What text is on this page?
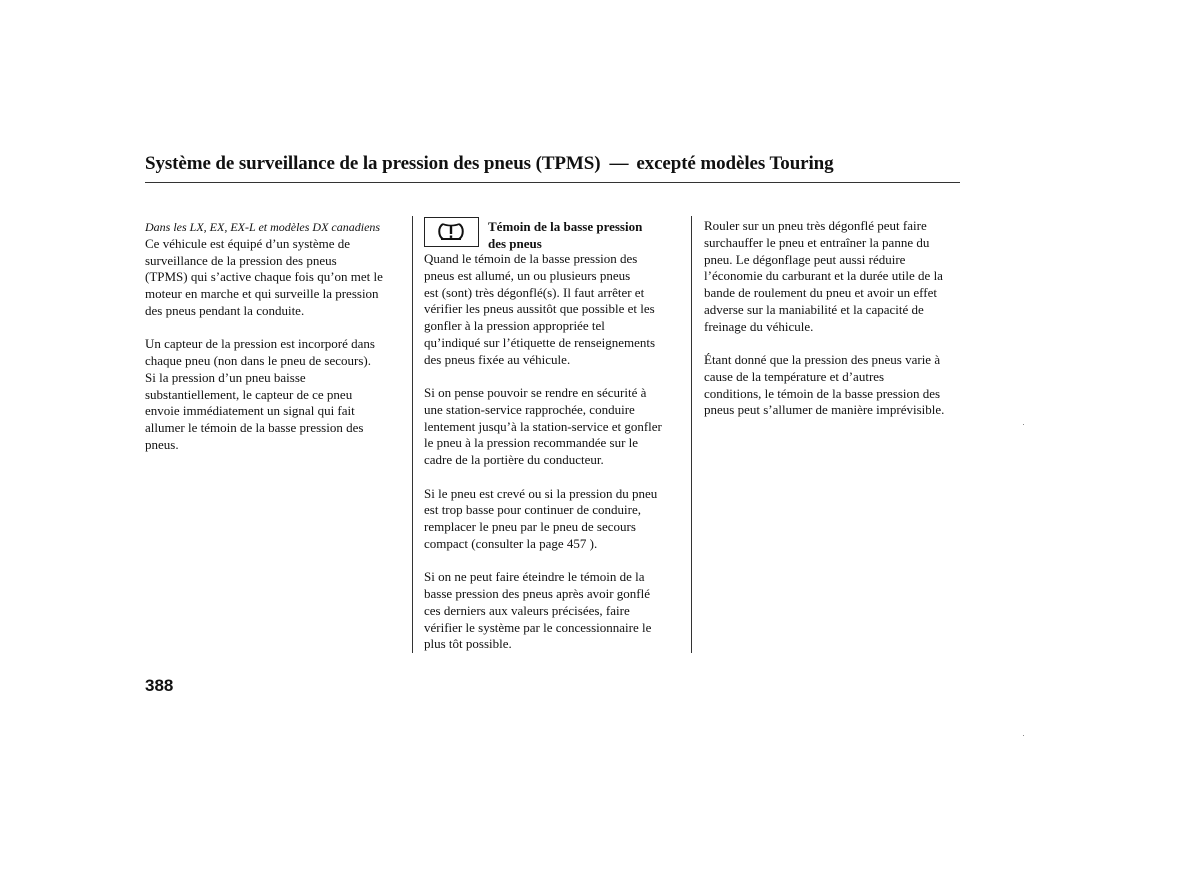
Système de surveillance de la pression des pneus (TPMS) — excepté modèles Touring
Dans les LX, EX, EX-L et modèles DX canadiens

Ce véhicule est équipé d’un système de
surveillance de la pression des pneus
(TPMS) qui s’active chaque fois qu’on met le
moteur en marche et qui surveille la pression
des pneus pendant la conduite.

Un capteur de la pression est incorporé dans
chaque pneu (non dans le pneu de secours).
Si la pression d’un pneu baisse
substantiellement, le capteur de ce pneu
envoie immédiatement un signal qui fait
allumer le témoin de la basse pression des
pneus.

Témoin de la basse pression
des pneus

Quand le témoin de la basse pression des
pneus est allumé, un ou plusieurs pneus
est (sont) très dégonflé(s). Il faut arrêter et
vérifier les pneus aussitôt que possible et les
gonfler à la pression appropriée tel
qu’indiqué sur l’étiquette de renseignements
des pneus fixée au véhicule.

Si on pense pouvoir se rendre en sécurité à
une station-service rapprochée, conduire
lentement jusqu’à la station-service et gonfler
le pneu à la pression recommandée sur le
cadre de la portière du conducteur.

Si le pneu est crevé ou si la pression du pneu
est trop basse pour continuer de conduire,
remplacer le pneu par le pneu de secours
compact (consulter la page 457 ).

Si on ne peut faire éteindre le témoin de la
basse pression des pneus après avoir gonflé
ces derniers aux valeurs précisées, faire
vérifier le système par le concessionnaire le
plus tôt possible.

Rouler sur un pneu très dégonflé peut faire
surchauffer le pneu et entraîner la panne du
pneu. Le dégonflage peut aussi réduire
l’économie du carburant et la durée utile de la
bande de roulement du pneu et avoir un effet
adverse sur la maniabilité et la capacité de
freinage du véhicule.

Étant donné que la pression des pneus varie à
cause de la température et d’autres
conditions, le témoin de la basse pression des
pneus peut s’allumer de manière imprévisible.

388
